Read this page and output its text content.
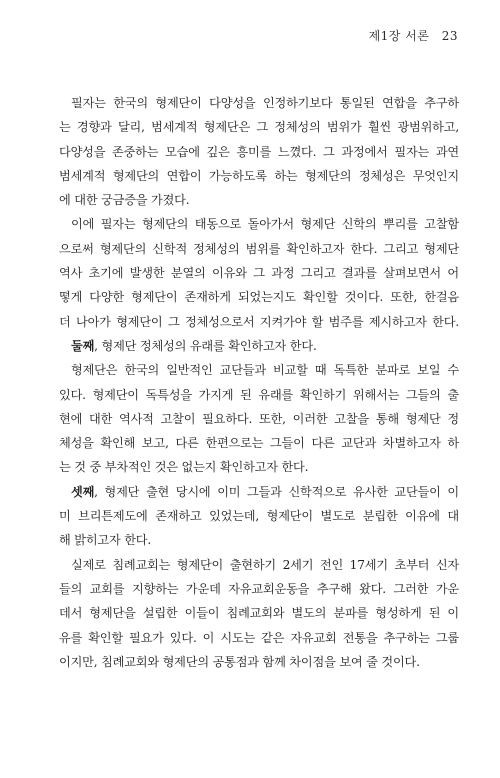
제1장 서론 23
필자는 한국의 형제단이 다양성을 인정하기보다 통일된 연합을 추구하
는 경향과 달리, 범세계적 형제단은 그 정체성의 범위가 훨씬 광범위하고,
다양성을 존중하는 모습에 깊은 흥미를 느꼈다. 그 과정에서 필자는 과연
범세계적 형제단의 연합이 가능하도록 하는 형제단의 정체성은 무엇인지
에 대한 궁금증을 가졌다.
이에 필자는 형제단의 태동으로 돌아가서 형제단 신학의 뿌리를 고찰함
으로써 형제단의 신학적 정체성의 범위를 확인하고자 한다. 그리고 형제단
역사 초기에 발생한 분열의 이유와 그 과정 그리고 결과를 살펴보면서 어
떻게 다양한 형제단이 존재하게 되었는지도 확인할 것이다. 또한, 한걸음
더 나아가 형제단이 그 정체성으로서 지켜가야 할 범주를 제시하고자 한다.
둘째, 형제단 정체성의 유래를 확인하고자 한다.
형제단은 한국의 일반적인 교단들과 비교할 때 독특한 분파로 보일 수
있다. 형제단이 독특성을 가지게 된 유래를 확인하기 위해서는 그들의 출
현에 대한 역사적 고찰이 필요하다. 또한, 이러한 고찰을 통해 형제단 정
체성을 확인해 보고, 다른 한편으로는 그들이 다른 교단과 차별하고자 하
는 것 중 부차적인 것은 없는지 확인하고자 한다.
셋째, 형제단 출현 당시에 이미 그들과 신학적으로 유사한 교단들이 이
미 브리튼제도에 존재하고 있었는데, 형제단이 별도로 분립한 이유에 대
해 밝히고자 한다.
실제로 침례교회는 형제단이 출현하기 2세기 전인 17세기 초부터 신자
들의 교회를 지향하는 가운데 자유교회운동을 추구해 왔다. 그러한 가운
데서 형제단을 설립한 이들이 침례교회와 별도의 분파를 형성하게 된 이
유를 확인할 필요가 있다. 이 시도는 같은 자유교회 전통을 추구하는 그룹
이지만, 침례교회와 형제단의 공통점과 함께 차이점을 보여 줄 것이다.
